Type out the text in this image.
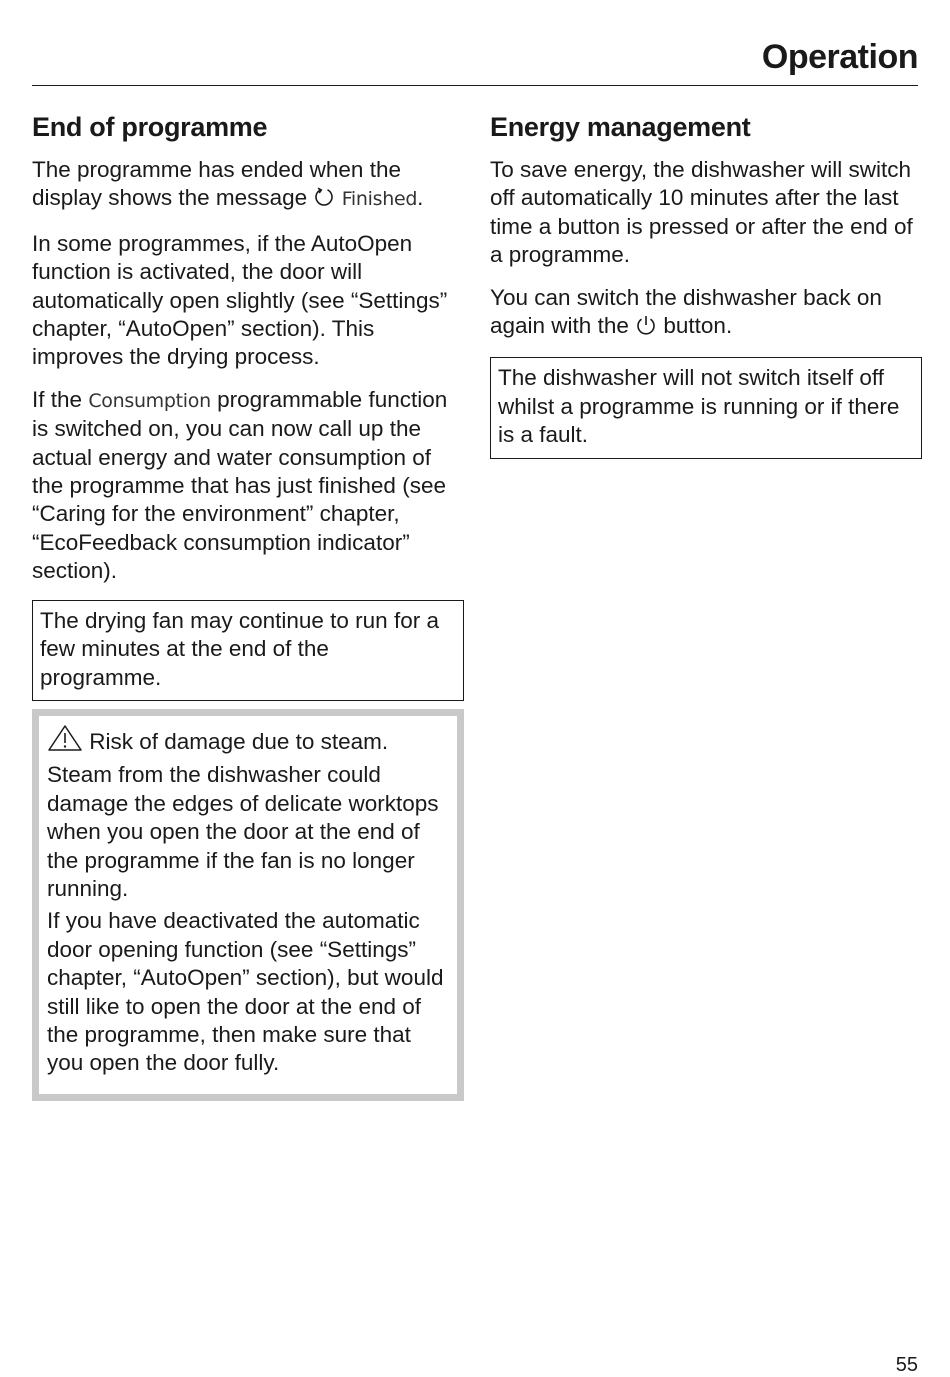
Operation
End of programme

The programme has ended when the display shows the message Finished.

In some programmes, if the AutoOpen function is activated, the door will automatically open slightly (see “Settings” chapter, “AutoOpen” section). This improves the drying process.

If the Consumption programmable function is switched on, you can now call up the actual energy and water consumption of the programme that has just finished (see “Caring for the environment” chapter, “EcoFeedback consumption indicator” section).

The drying fan may continue to run for a few minutes at the end of the programme.
Risk of damage due to steam.

Steam from the dishwasher could damage the edges of delicate worktops when you open the door at the end of the programme if the fan is no longer running.

If you have deactivated the automatic door opening function (see “Settings” chapter, “AutoOpen” section), but would still like to open the door at the end of the programme, then make sure that you open the door fully.

Energy management

To save energy, the dishwasher will switch off automatically 10 minutes after the last time a button is pressed or after the end of a programme.

You can switch the dishwasher back on again with the button.

The dishwasher will not switch itself off whilst a programme is running or if there is a fault.
55
